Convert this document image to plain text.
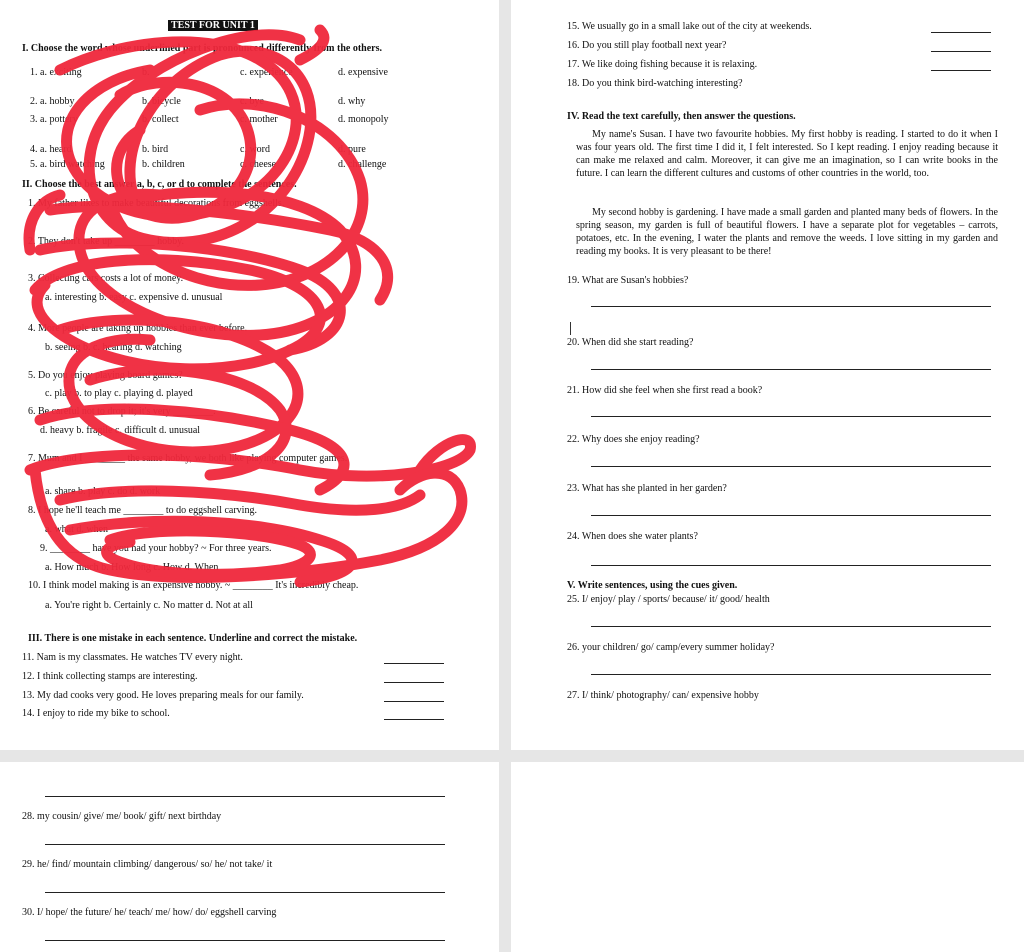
TEST FOR UNIT 1
I. Choose the word whose underlined part is pronounced differently from the others.
1. a. exciting	b.	c. experience	d. expensive
2. a. hobby	b. bicycle	c. bye	d. why
3. a. pottery	b. collect	c. mother	d. monopoly
4. a. heard	b. bird	c. word	d. pure
5. a. bird watching	b. children	c. cheese	d. challenge
II. Choose the best answer a, b, c, or d to complete the sentences.
1. My father likes to make beautiful decorations from eggshells.
2. They don't take up ________ hobby.
3. Collecting cars costs a lot of money.
a. interesting b. easy c. expensive d. unusual
4. More people are taking up hobbies than ever before.
b. seeing b. c. hearing d. watching
5. Do you enjoy playing board games?
c. play b. to play c. playing d. played
6. Be careful not to drop it; it's very ________.
d. heavy b. fragile c. difficult d. unusual
7. Mum and I ________ the same hobby, we both like playing computer games.
a. share b. play c. do d. work
8. I hope he'll teach me ________ to do eggshell carving.
a. what d. when
9. ________ have you had your hobby? ~ For three years.
a. How much b. How long c. How d. When
10. I think model making is an expensive hobby. ~ ________ It's incredibly cheap.
a. You're right b. Certainly c. No matter d. Not at all
III. There is one mistake in each sentence. Underline and correct the mistake.
11. Nam is my classmates. He watches TV every night.
12. I think collecting stamps are interesting.
13. My dad cooks very good. He loves preparing meals for our family.
14. I enjoy to ride my bike to school.
15. We usually go in a small lake out of the city at weekends.
16. Do you still play football next year?
17. We like doing fishing because it is relaxing.
18. Do you think bird-watching interesting?
IV. Read the text carefully, then answer the questions.
My name's Susan. I have two favourite hobbies. My first hobby is reading. I started to do it when I was four years old. The first time I did it, I felt interested. So I kept reading. I enjoy reading because it can make me relaxed and calm. Moreover, it can give me an imagination, so I can write books in the future. I can learn the different cultures and customs of other countries in the world, too.
My second hobby is gardening. I have made a small garden and planted many beds of flowers. In the spring season, my garden is full of beautiful flowers. I have a separate plot for vegetables – carrots, potatoes, etc. In the evening, I water the plants and remove the weeds. I love sitting in my garden and reading my books. It is very pleasant to be there!
19. What are Susan's hobbies?
20. When did she start reading?
21. How did she feel when she first read a book?
22. Why does she enjoy reading?
23. What has she planted in her garden?
24. When does she water plants?
V. Write sentences, using the cues given.
25. I/ enjoy/ play / sports/ because/ it/ good/ health
26. your children/ go/ camp/every summer holiday?
27. I/ think/ photography/ can/ expensive hobby
28. my cousin/ give/ me/ book/ gift/ next birthday
29. he/ find/ mountain climbing/ dangerous/ so/ he/ not take/ it
30. I/ hope/ the future/ he/ teach/ me/ how/ do/ eggshell carving
